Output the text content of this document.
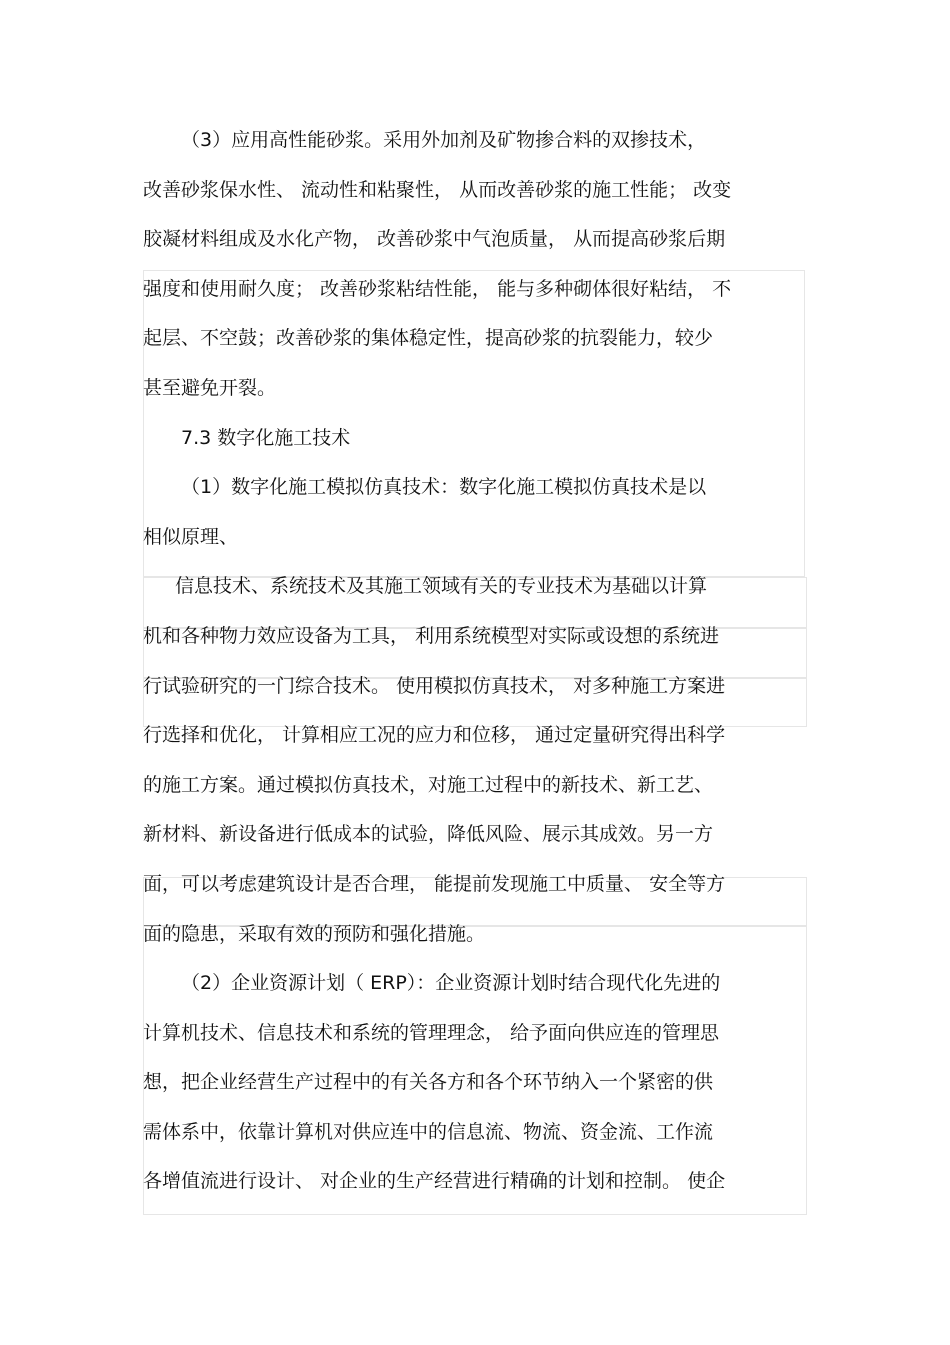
（3）应用高性能砂浆。采用外加剂及矿物掺合料的双掺技术，
改善砂浆保水性、 流动性和粘聚性， 从而改善砂浆的施工性能； 改变
胶凝材料组成及水化产物， 改善砂浆中气泡质量， 从而提高砂浆后期
强度和使用耐久度； 改善砂浆粘结性能， 能与多种砌体很好粘结， 不
起层、不空鼓；改善砂浆的集体稳定性，提高砂浆的抗裂能力，较少
甚至避免开裂。
7.3 数字化施工技术
（1）数字化施工模拟仿真技术：数字化施工模拟仿真技术是以
相似原理、
信息技术、系统技术及其施工领域有关的专业技术为基础以计算
机和各种物力效应设备为工具， 利用系统模型对实际或设想的系统进
行试验研究的一门综合技术。 使用模拟仿真技术， 对多种施工方案进
行选择和优化， 计算相应工况的应力和位移， 通过定量研究得出科学
的施工方案。通过模拟仿真技术，对施工过程中的新技术、新工艺、
新材料、新设备进行低成本的试验，降低风险、展示其成效。另一方
面，可以考虑建筑设计是否合理， 能提前发现施工中质量、 安全等方
面的隐患，采取有效的预防和强化措施。
（2）企业资源计划（ ERP）：企业资源计划时结合现代化先进的
计算机技术、信息技术和系统的管理理念， 给予面向供应连的管理思
想，把企业经营生产过程中的有关各方和各个环节纳入一个紧密的供
需体系中，依靠计算机对供应连中的信息流、物流、资金流、工作流
各增值流进行设计、 对企业的生产经营进行精确的计划和控制。 使企
